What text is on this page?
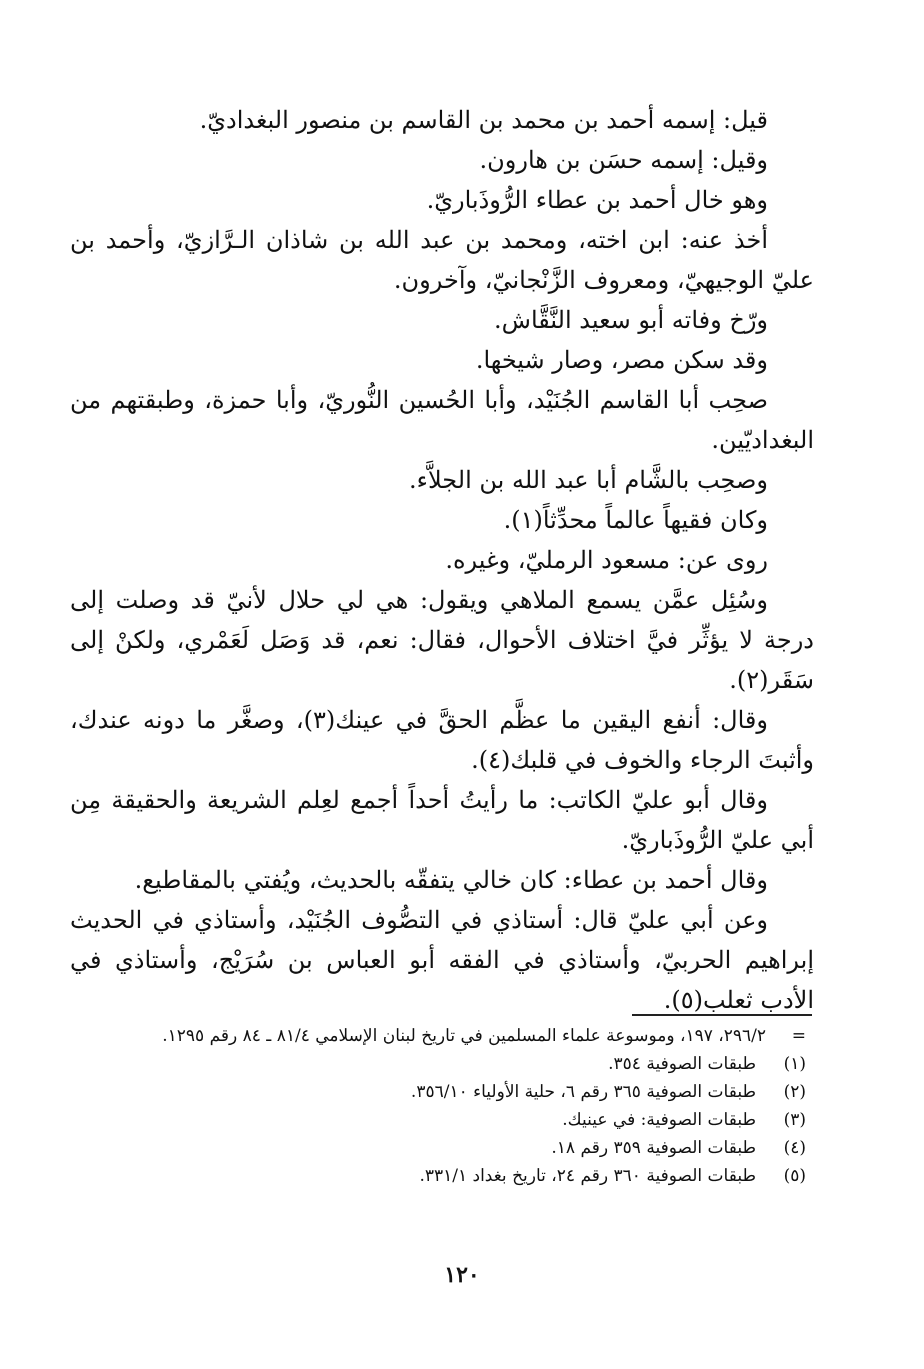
قيل: إسمه أحمد بن محمد بن القاسم بن منصور البغداديّ.

وقيل: إسمه حسَن بن هارون.

وهو خال أحمد بن عطاء الرُّوذَباريّ.

أخذ عنه: ابن اخته، ومحمد بن عبد الله بن شاذان الـرَّازيّ، وأحمد بن عليّ الوجيهيّ، ومعروف الزَّنْجانيّ، وآخرون.

ورّخ وفاته أبو سعيد النَّقَّاش.

وقد سكن مصر، وصار شيخها.

صحِب أبا القاسم الجُنَيْد، وأبا الحُسين النُّوريّ، وأبا حمزة، وطبقتهم من البغداديّين.

وصحِب بالشَّام أبا عبد الله بن الجلاَّء.

وكان فقيهاً عالماً محدِّثاً(١).

روى عن: مسعود الرمليّ، وغيره.

وسُئِل عمَّن يسمع الملاهي ويقول: هي لي حلال لأنيّ قد وصلت إلى درجة لا يؤثِّر فيَّ اختلاف الأحوال، فقال: نعم، قد وَصَل لَعَمْري، ولكنْ إلى سَقَر(٢).

وقال: أنفع اليقين ما عظَّم الحقَّ في عينك(٣)، وصغَّر ما دونه عندك، وأثبتَ الرجاء والخوف في قلبك(٤).

وقال أبو عليّ الكاتب: ما رأيتُ أحداً أجمع لعِلم الشريعة والحقيقة مِن أبي عليّ الرُّوذَباريّ.

وقال أحمد بن عطاء: كان خالي يتفقّه بالحديث، ويُفتي بالمقاطيع.

وعن أبي عليّ قال: أستاذي في التصُّوف الجُنَيْد، وأستاذي في الحديث إبراهيم الحربيّ، وأستاذي في الفقه أبو العباس بن سُرَيْج، وأستاذي في الأدب ثعلب(٥).

=
٢٩٦/٢، ١٩٧، وموسوعة علماء المسلمين في تاريخ لبنان الإسلامي ٨١/٤ ـ ٨٤ رقم ١٢٩٥.

(١)
طبقات الصوفية ٣٥٤.

(٢)
طبقات الصوفية ٣٦٥ رقم ٦، حلية الأولياء ٣٥٦/١٠.

(٣)
طبقات الصوفية: في عينيك.

(٤)
طبقات الصوفية ٣٥٩ رقم ١٨.

(٥)
طبقات الصوفية ٣٦٠ رقم ٢٤، تاريخ بغداد ٣٣١/١.

١٢٠
